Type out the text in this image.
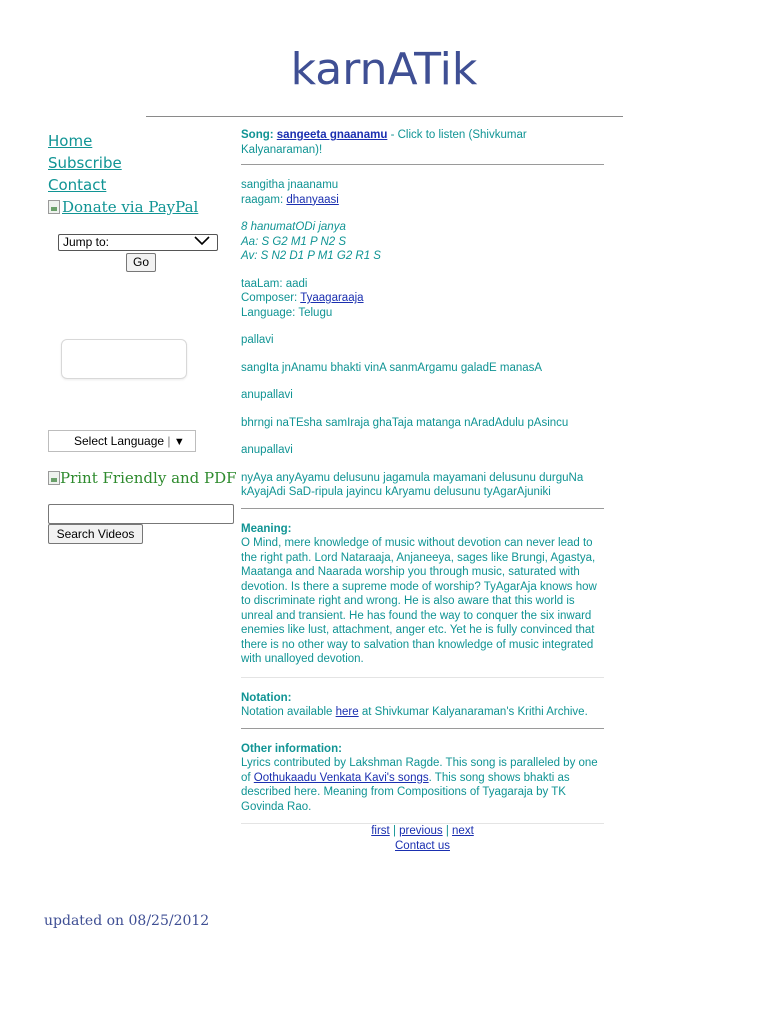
karnATik
Home
Subscribe
Contact
Donate via PayPal
Jump to:
Go
Select Language | ▼
Print Friendly and PDF
Search Videos

Song: sangeeta gnaanamu - Click to listen (Shivkumar Kalyanaraman)!

sangitha jnaanamu

raagam: dhanyaasi

8 hanumatODi janya

Aa: S G2 M1 P N2 S

Av: S N2 D1 P M1 G2 R1 S

taaLam: aadi

Composer: Tyaagaraaja

Language: Telugu

pallavi

sangIta jnAnamu bhakti vinA sanmArgamu galadE manasA

anupallavi

bhrngi naTEsha samIraja ghaTaja matanga nAradAdulu pAsincu

anupallavi

nyAya anyAyamu delusunu jagamula mayamani delusunu durguNa kAyajAdi SaD-ripula jayincu kAryamu delusunu tyAgarAjuniki

Meaning:

O Mind, mere knowledge of music without devotion can never lead to the right path. Lord Nataraaja, Anjaneeya, sages like Brungi, Agastya, Maatanga and Naarada worship you through music, saturated with devotion. Is there a supreme mode of worship? TyAgarAja knows how to discriminate right and wrong. He is also aware that this world is unreal and transient. He has found the way to conquer the six inward enemies like lust, attachment, anger etc. Yet he is fully convinced that there is no other way to salvation than knowledge of music integrated with unalloyed devotion.

Notation:

Notation available here at Shivkumar Kalyanaraman's Krithi Archive.

Other information:

Lyrics contributed by Lakshman Ragde. This song is paralleled by one of Oothukaadu Venkata Kavi's songs. This song shows bhakti as described here. Meaning from Compositions of Tyagaraja by TK Govinda Rao.

first | previous | next

Contact us

updated on 08/25/2012
